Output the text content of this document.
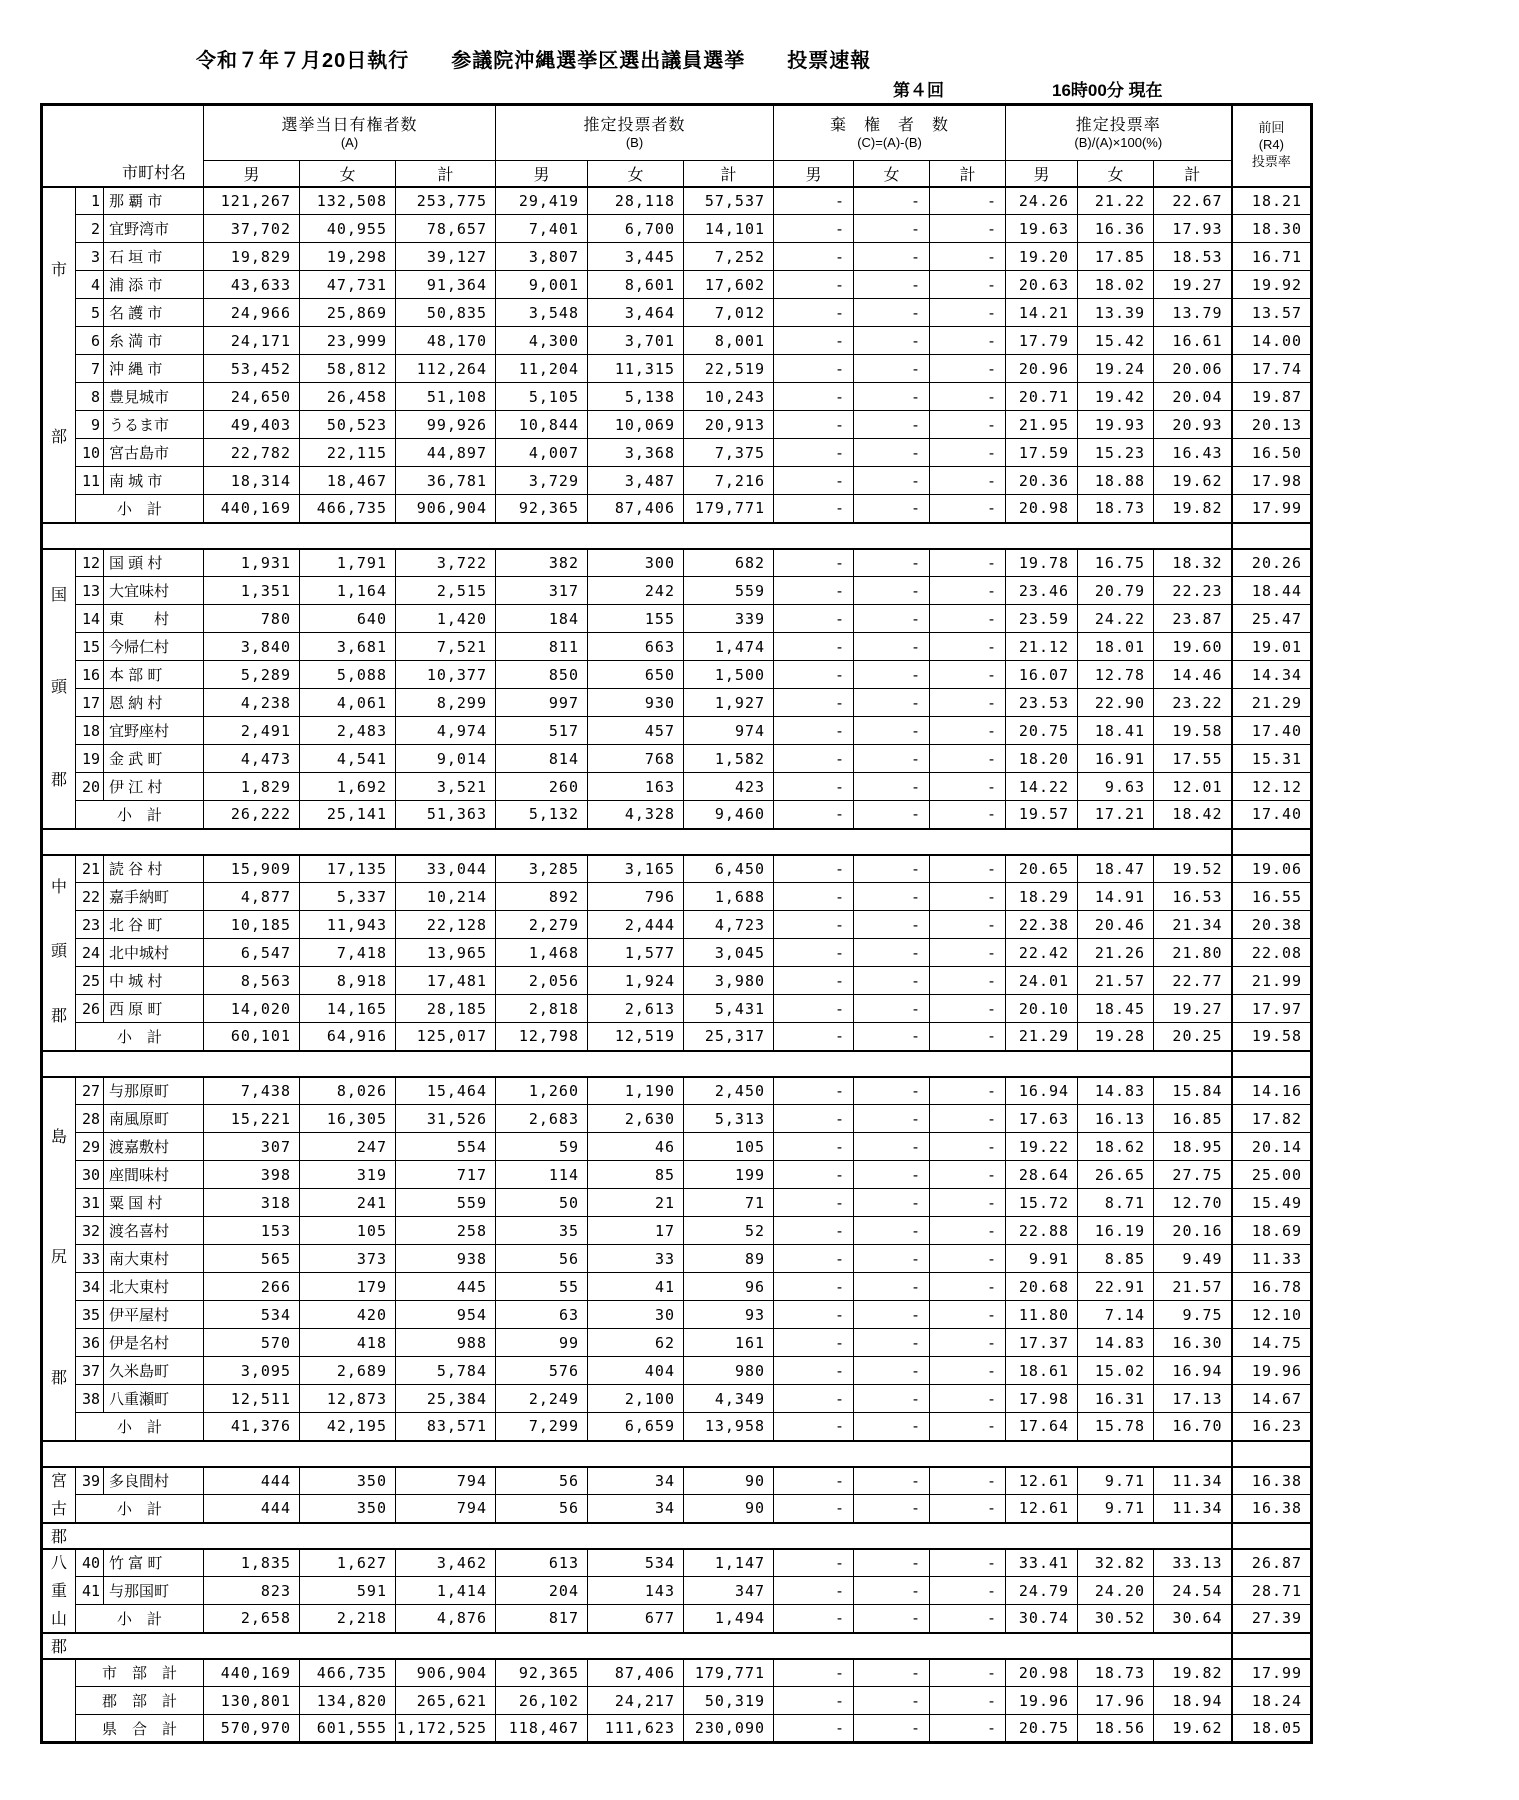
令和７年７月20日執行　　参議院沖縄選挙区選出議員選挙　　投票速報
第４回	16時00分 現在
市町村名	
選挙当日有権者数
(A)

推定投票者数
(B)

棄　権　者　数
(C)=(A)-(B)

推定投票率
(B)/(A)×100(%)

前回
(R4)
投票率

			男	女	計	男	女	計	男	女	計	男	女	計	

市
部	1	那 覇 市	121,267	132,508	253,775	29,419	28,118	57,537	-	-	-	24.26	21.22	22.67	18.21
	2	宜野湾市	37,702	40,955	78,657	7,401	6,700	14,101	-	-	-	19.63	16.36	17.93	18.30
	3	石 垣 市	19,829	19,298	39,127	3,807	3,445	7,252	-	-	-	19.20	17.85	18.53	16.71
	4	浦 添 市	43,633	47,731	91,364	9,001	8,601	17,602	-	-	-	20.63	18.02	19.27	19.92
	5	名 護 市	24,966	25,869	50,835	3,548	3,464	7,012	-	-	-	14.21	13.39	13.79	13.57
	6	糸 満 市	24,171	23,999	48,170	4,300	3,701	8,001	-	-	-	17.79	15.42	16.61	14.00
	7	沖 縄 市	53,452	58,812	112,264	11,204	11,315	22,519	-	-	-	20.96	19.24	20.06	17.74
	8	豊見城市	24,650	26,458	51,108	5,105	5,138	10,243	-	-	-	20.71	19.42	20.04	19.87
	9	うるま市	49,403	50,523	99,926	10,844	10,069	20,913	-	-	-	21.95	19.93	20.93	20.13
	10	宮古島市	22,782	22,115	44,897	4,007	3,368	7,375	-	-	-	17.59	15.23	16.43	16.50
	11	南 城 市	18,314	18,467	36,781	3,729	3,487	7,216	-	-	-	20.36	18.88	19.62	17.98
	小　計		440,169	466,735	906,904	92,365	87,406	179,771	-	-	-	20.98	18.73	19.82	17.99

国
頭
郡	12	国 頭 村	1,931	1,791	3,722	382	300	682	-	-	-	19.78	16.75	18.32	20.26
	13	大宜味村	1,351	1,164	2,515	317	242	559	-	-	-	23.46	20.79	22.23	18.44
	14	東　　村	780	640	1,420	184	155	339	-	-	-	23.59	24.22	23.87	25.47
	15	今帰仁村	3,840	3,681	7,521	811	663	1,474	-	-	-	21.12	18.01	19.60	19.01
	16	本 部 町	5,289	5,088	10,377	850	650	1,500	-	-	-	16.07	12.78	14.46	14.34
	17	恩 納 村	4,238	4,061	8,299	997	930	1,927	-	-	-	23.53	22.90	23.22	21.29
	18	宜野座村	2,491	2,483	4,974	517	457	974	-	-	-	20.75	18.41	19.58	17.40
	19	金 武 町	4,473	4,541	9,014	814	768	1,582	-	-	-	18.20	16.91	17.55	15.31
	20	伊 江 村	1,829	1,692	3,521	260	163	423	-	-	-	14.22	9.63	12.01	12.12
	小　計		26,222	25,141	51,363	5,132	4,328	9,460	-	-	-	19.57	17.21	18.42	17.40

中
頭
郡	21	読 谷 村	15,909	17,135	33,044	3,285	3,165	6,450	-	-	-	20.65	18.47	19.52	19.06
	22	嘉手納町	4,877	5,337	10,214	892	796	1,688	-	-	-	18.29	14.91	16.53	16.55
	23	北 谷 町	10,185	11,943	22,128	2,279	2,444	4,723	-	-	-	22.38	20.46	21.34	20.38
	24	北中城村	6,547	7,418	13,965	1,468	1,577	3,045	-	-	-	22.42	21.26	21.80	22.08
	25	中 城 村	8,563	8,918	17,481	2,056	1,924	3,980	-	-	-	24.01	21.57	22.77	21.99
	26	西 原 町	14,020	14,165	28,185	2,818	2,613	5,431	-	-	-	20.10	18.45	19.27	17.97
	小　計		60,101	64,916	125,017	12,798	12,519	25,317	-	-	-	21.29	19.28	20.25	19.58

島
尻
郡	27	与那原町	7,438	8,026	15,464	1,260	1,190	2,450	-	-	-	16.94	14.83	15.84	14.16
	28	南風原町	15,221	16,305	31,526	2,683	2,630	5,313	-	-	-	17.63	16.13	16.85	17.82
	29	渡嘉敷村	307	247	554	59	46	105	-	-	-	19.22	18.62	18.95	20.14
	30	座間味村	398	319	717	114	85	199	-	-	-	28.64	26.65	27.75	25.00
	31	粟 国 村	318	241	559	50	21	71	-	-	-	15.72	8.71	12.70	15.49
	32	渡名喜村	153	105	258	35	17	52	-	-	-	22.88	16.19	20.16	18.69
	33	南大東村	565	373	938	56	33	89	-	-	-	9.91	8.85	9.49	11.33
	34	北大東村	266	179	445	55	41	96	-	-	-	20.68	22.91	21.57	16.78
	35	伊平屋村	534	420	954	63	30	93	-	-	-	11.80	7.14	9.75	12.10
	36	伊是名村	570	418	988	99	62	161	-	-	-	17.37	14.83	16.30	14.75
	37	久米島町	3,095	2,689	5,784	576	404	980	-	-	-	18.61	15.02	16.94	19.96
	38	八重瀬町	12,511	12,873	25,384	2,249	2,100	4,349	-	-	-	17.98	16.31	17.13	14.67
	小　計		41,376	42,195	83,571	7,299	6,659	13,958	-	-	-	17.64	15.78	16.70	16.23

宮
古
郡	39	多良間村	444	350	794	56	34	90	-	-	-	12.61	9.71	11.34	16.38
	小　計		444	350	794	56	34	90	-	-	-	12.61	9.71	11.34	16.38

八
重
山
郡	40	竹 富 町	1,835	1,627	3,462	613	534	1,147	-	-	-	33.41	32.82	33.13	26.87
	41	与那国町	823	591	1,414	204	143	347	-	-	-	24.79	24.20	24.54	28.71
	小　計		2,658	2,218	4,876	817	677	1,494	-	-	-	30.74	30.52	30.64	27.39

	市　部　計		440,169	466,735	906,904	92,365	87,406	179,771	-	-	-	20.98	18.73	19.82	17.99
	郡　部　計		130,801	134,820	265,621	26,102	24,217	50,319	-	-	-	19.96	17.96	18.94	18.24
	県　合　計		570,970	601,555	1,172,525	118,467	111,623	230,090	-	-	-	20.75	18.56	19.62	18.05
